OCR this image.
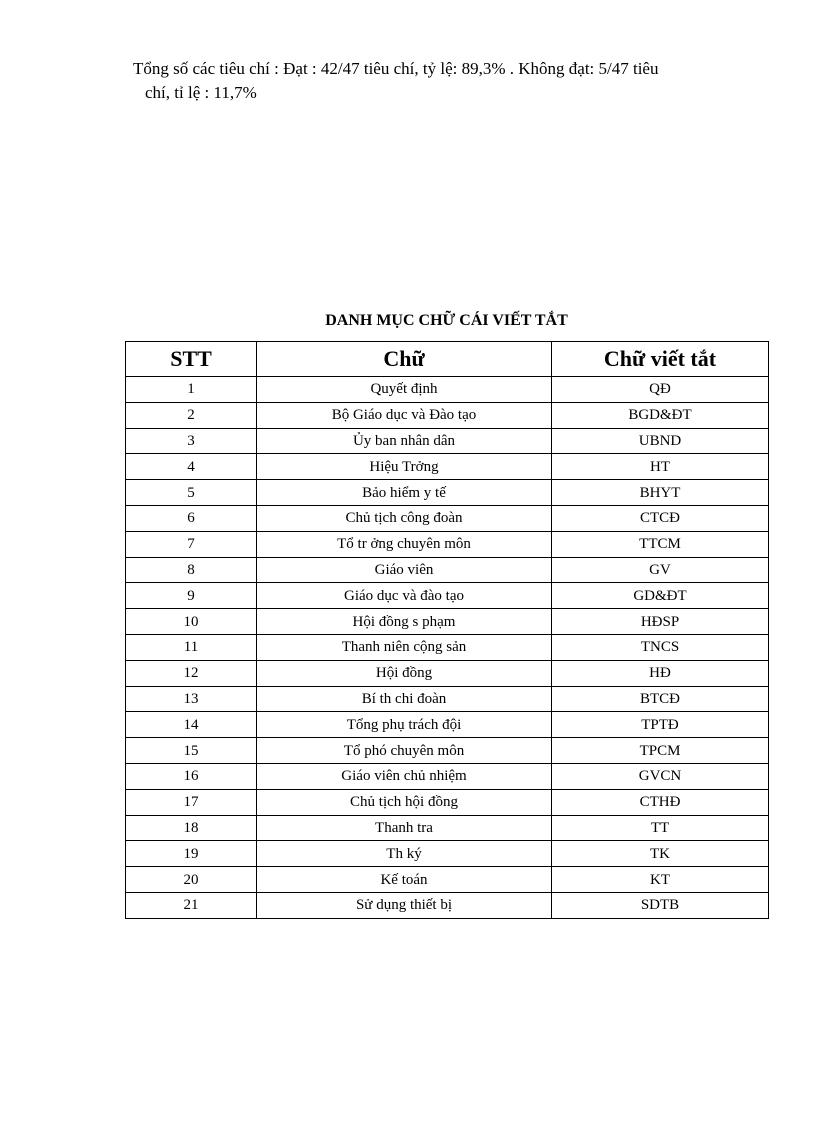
Tổng số các tiêu chí : Đạt : 42/47 tiêu chí, tỷ lệ: 89,3% . Không đạt: 5/47 tiêu
chí, tỉ lệ : 11,7%
DANH MỤC CHỮ CÁI VIẾT TẮT
STT	Chữ	Chữ viết tắt
1	Quyết định	QĐ
2	Bộ Giáo dục và Đào tạo	BGD&ĐT
3	Ủy ban nhân dân	UBND
4	Hiệu Trởng	HT
5	Bảo hiểm y tế	BHYT
6	Chủ tịch công đoàn	CTCĐ
7	Tổ tr ởng chuyên môn	TTCM
8	Giáo viên	GV
9	Giáo dục và đào tạo	GD&ĐT
10	Hội đồng s phạm	HĐSP
11	Thanh niên cộng sản	TNCS
12	Hội đồng	HĐ
13	Bí th chi đoàn	BTCĐ
14	Tổng phụ trách đội	TPTĐ
15	Tổ phó chuyên môn	TPCM
16	Giáo viên chủ nhiệm	GVCN
17	Chủ tịch hội đồng	CTHĐ
18	Thanh tra	TT
19	Th ký	TK
20	Kế toán	KT
21	Sử dụng thiết bị	SDTB
